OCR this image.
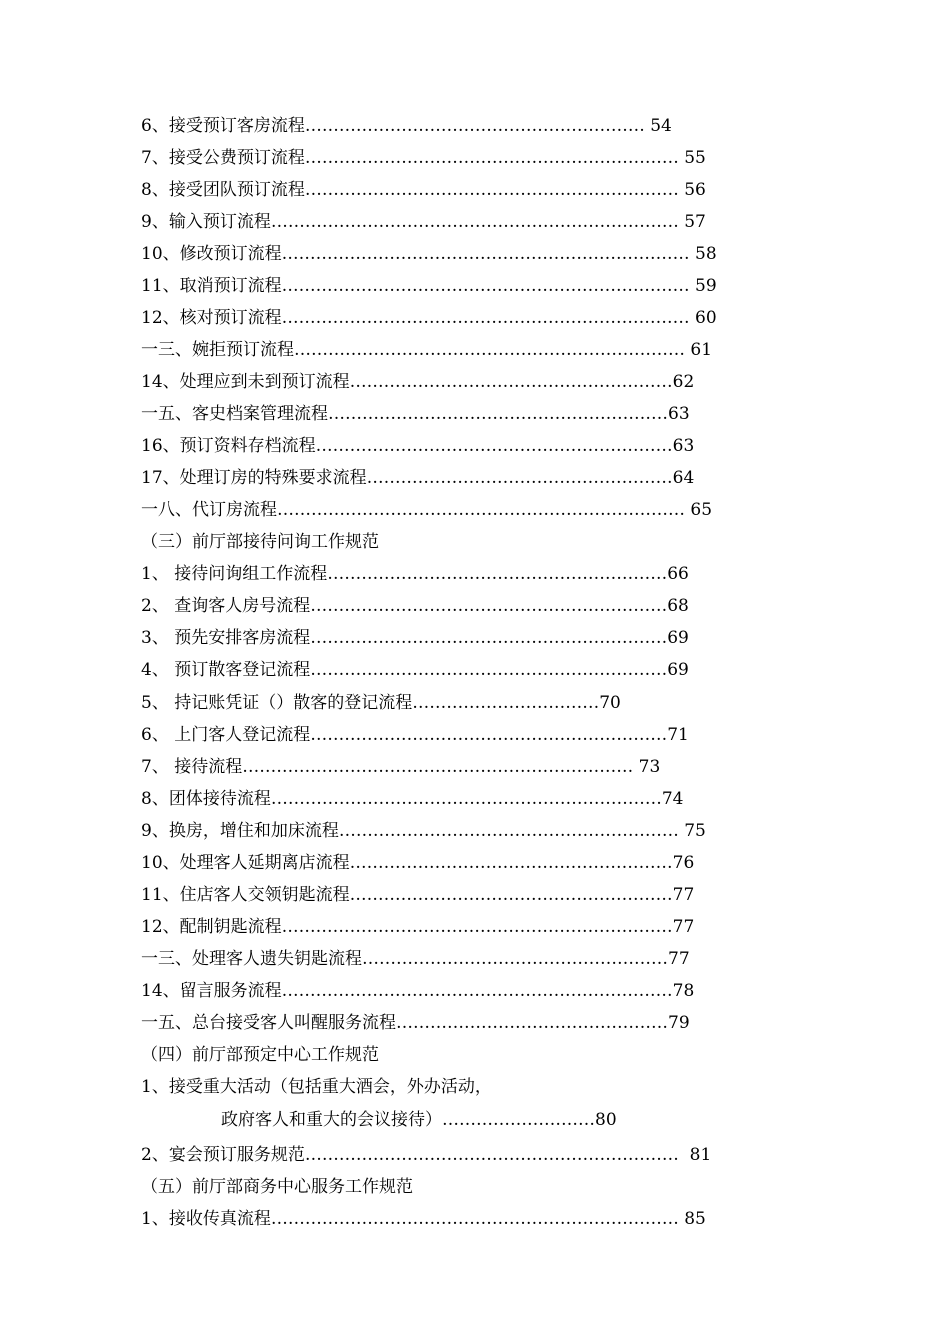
6、接受预订客房流程…………………………………………………… 54
7、接受公费预订流程………………………………………………………… 55
8、接受团队预订流程………………………………………………………… 56
9、输入预订流程……………………………………………………………… 57
10、修改预订流程……………………………………………………………… 58
11、取消预订流程……………………………………………………………… 59
12、核对预订流程……………………………………………………………… 60
一三、婉拒预订流程…………………………………………………………… 61
14、处理应到未到预订流程…………………………………………………62
一五、客史档案管理流程……………………………………………………63
16、预订资料存档流程………………………………………………………63
17、处理订房的特殊要求流程………………………………………………64
一八、代订房流程……………………………………………………………… 65
（三）前厅部接待问询工作规范
1、 接待问询组工作流程……………………………………………………66
2、 查询客人房号流程………………………………………………………68
3、 预先安排客房流程………………………………………………………69
4、 预订散客登记流程………………………………………………………69
5、 持记账凭证（）散客的登记流程……………………………70
6、 上门客人登记流程………………………………………………………71
7、 接待流程…………………………………………………………… 73
8、团体接待流程……………………………………………………………74
9、换房，增住和加床流程…………………………………………………… 75
10、处理客人延期离店流程…………………………………………………76
11、住店客人交领钥匙流程…………………………………………………77
12、配制钥匙流程……………………………………………………………77
一三、处理客人遗失钥匙流程………………………………………………77
14、留言服务流程……………………………………………………………78
一五、总台接受客人叫醒服务流程…………………………………………79
（四）前厅部预定中心工作规范
1、接受重大活动（包括重大酒会，外办活动，
政府客人和重大的会议接待）………………………80
2、宴会预订服务规范…………………………………………………………  81
（五）前厅部商务中心服务工作规范
1、接收传真流程……………………………………………………………… 85
